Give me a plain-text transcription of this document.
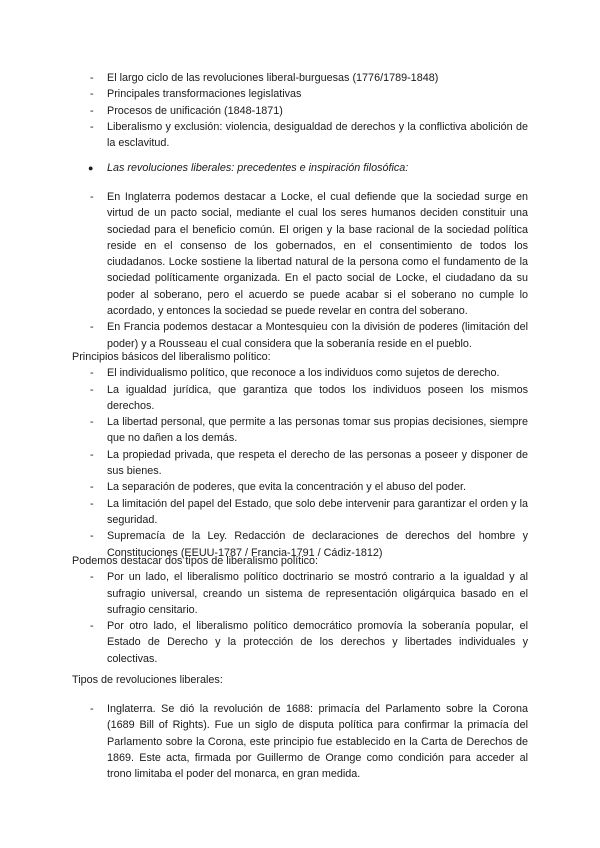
- El largo ciclo de las revoluciones liberal-burguesas (1776/1789-1848)
- Principales transformaciones legislativas
- Procesos de unificación (1848-1871)
- Liberalismo y exclusión: violencia, desigualdad de derechos y la conflictiva abolición de la esclavitud.
● Las revoluciones liberales: precedentes e inspiración filosófica:
- En Inglaterra podemos destacar a Locke, el cual defiende que la sociedad surge en virtud de un pacto social, mediante el cual los seres humanos deciden constituir una sociedad para el beneficio común. El origen y la base racional de la sociedad política reside en el consenso de los gobernados, en el consentimiento de todos los ciudadanos. Locke sostiene la libertad natural de la persona como el fundamento de la sociedad políticamente organizada. En el pacto social de Locke, el ciudadano da su poder al soberano, pero el acuerdo se puede acabar si el soberano no cumple lo acordado, y entonces la sociedad se puede revelar en contra del soberano.
- En Francia podemos destacar a Montesquieu con la división de poderes (limitación del poder) y a Rousseau el cual considera que la soberanía reside en el pueblo.

Principios básicos del liberalismo político:

- El individualismo político, que reconoce a los individuos como sujetos de derecho.
- La igualdad jurídica, que garantiza que todos los individuos poseen los mismos derechos.
- La libertad personal, que permite a las personas tomar sus propias decisiones, siempre que no dañen a los demás.
- La propiedad privada, que respeta el derecho de las personas a poseer y disponer de sus bienes.
- La separación de poderes, que evita la concentración y el abuso del poder.
- La limitación del papel del Estado, que solo debe intervenir para garantizar el orden y la seguridad.
- Supremacía de la Ley. Redacción de declaraciones de derechos del hombre y Constituciones (EEUU-1787 / Francia-1791 / Cádiz-1812)

Podemos destacar dos tipos de liberalismo político:

- Por un lado, el liberalismo político doctrinario se mostró contrario a la igualdad y al sufragio universal, creando un sistema de representación oligárquica basado en el sufragio censitario.
- Por otro lado, el liberalismo político democrático promovía la soberanía popular, el Estado de Derecho y la protección de los derechos y libertades individuales y colectivas.

Tipos de revoluciones liberales:

- Inglaterra. Se dió la revolución de 1688: primacía del Parlamento sobre la Corona (1689 Bill of Rights). Fue un siglo de disputa política para confirmar la primacía del Parlamento sobre la Corona, este principio fue establecido en la Carta de Derechos de 1869. Este acta, firmada por Guillermo de Orange como condición para acceder al trono limitaba el poder del monarca, en gran medida.
